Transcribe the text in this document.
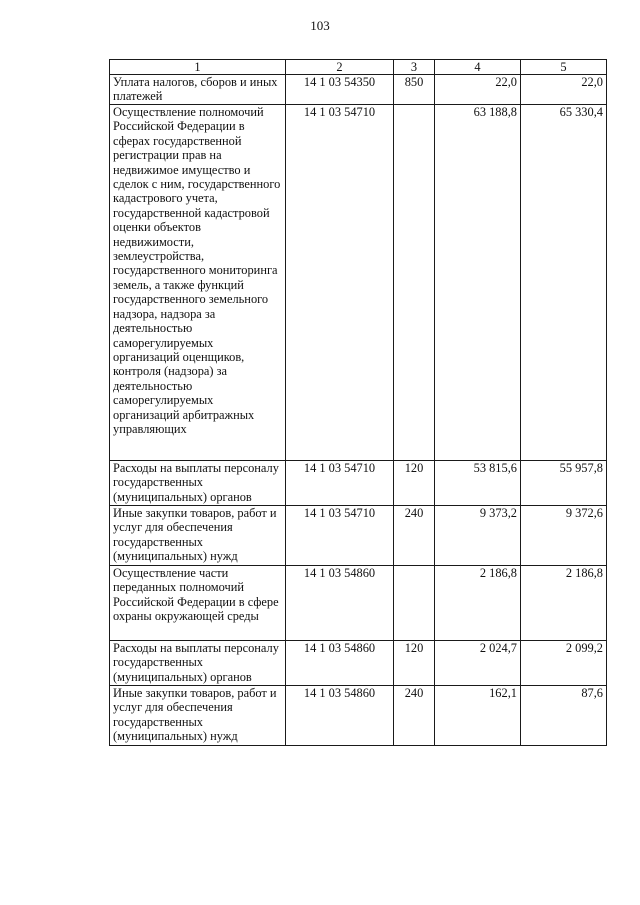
103
1	2	3	4	5
Уплата налогов, сборов и иных платежей	14 1 03 54350	850	22,0	22,0
Осуществление полномочий Российской Федерации в сферах государственной регистрации прав на недвижимое имущество и сделок с ним, государственного кадастрового учета, государственной кадастровой оценки объектов недвижимости, землеустройства, государственного мониторинга земель, а также функций государственного земельного надзора, надзора за деятельностью саморегулируемых организаций оценщиков, контроля (надзора) за деятельностью саморегулируемых организаций арбитражных управляющих	14 1 03 54710		63 188,8	65 330,4
Расходы на выплаты персоналу государственных (муниципальных) органов	14 1 03 54710	120	53 815,6	55 957,8
Иные закупки товаров, работ и услуг для обеспечения государственных (муниципальных) нужд	14 1 03 54710	240	9 373,2	9 372,6
Осуществление части переданных полномочий Российской Федерации в сфере охраны окружающей среды	14 1 03 54860		2 186,8	2 186,8
Расходы на выплаты персоналу государственных (муниципальных) органов	14 1 03 54860	120	2 024,7	2 099,2
Иные закупки товаров, работ и услуг для обеспечения государственных (муниципальных) нужд	14 1 03 54860	240	162,1	87,6
